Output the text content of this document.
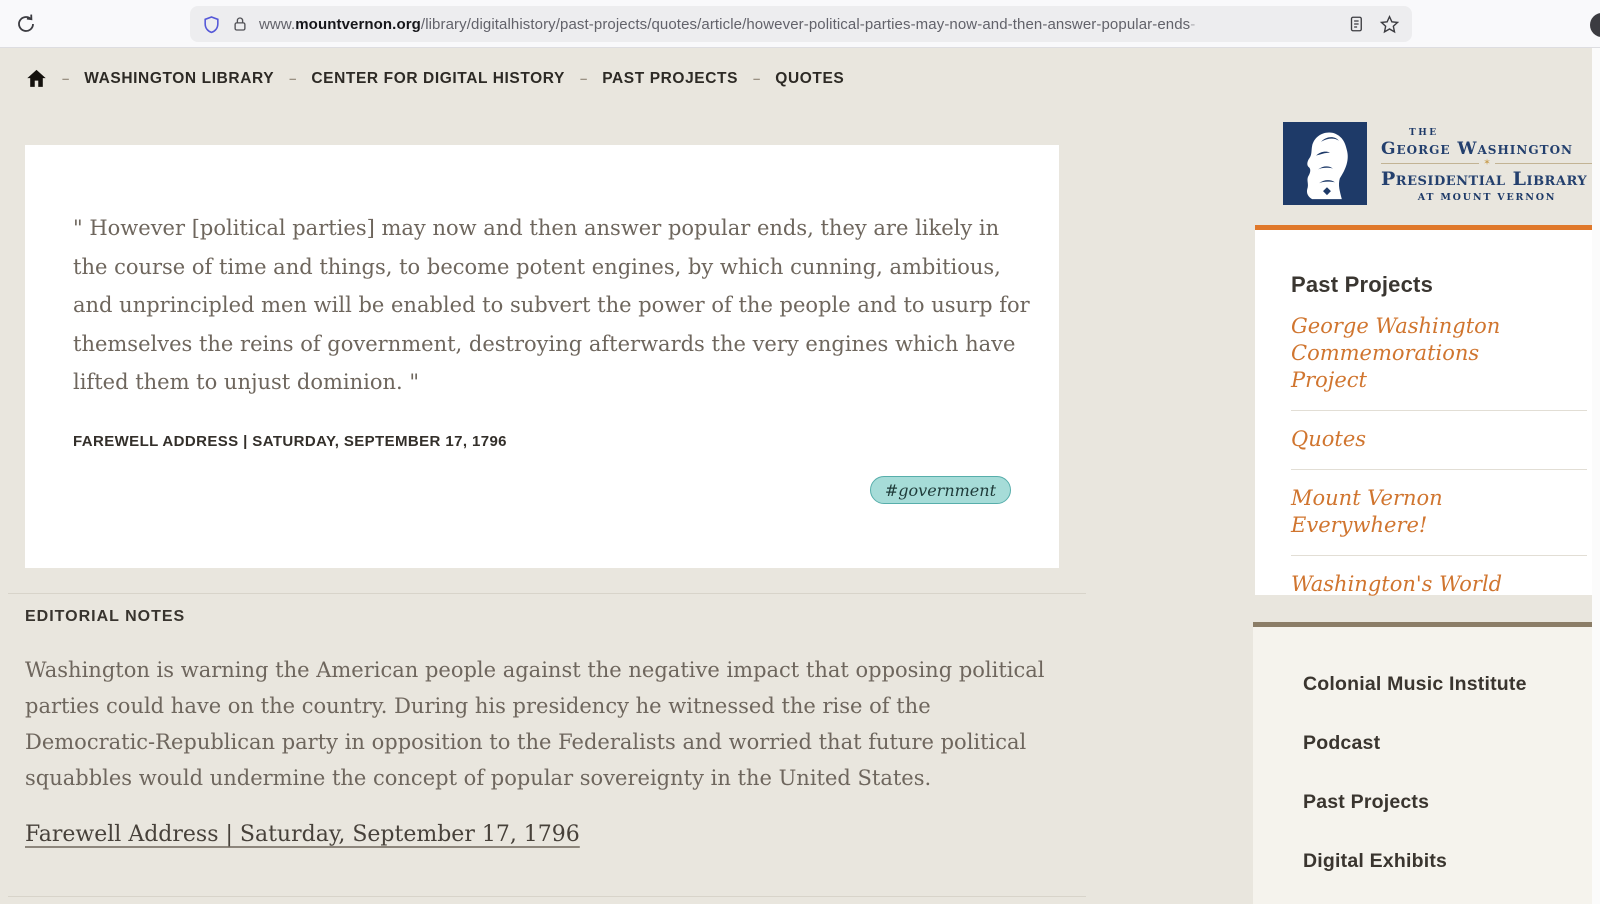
www.mountvernon.org/library/digitalhistory/past-projects/quotes/article/however-political-parties-may-now-and-then-answer-popular-ends-
– WASHINGTON LIBRARY – CENTER FOR DIGITAL HISTORY – PAST PROJECTS – QUOTES

" However [political parties] may now and then answer popular ends, they are likely in the course of time and things, to become potent engines, by which cunning, ambitious, and unprincipled men will be enabled to subvert the power of the people and to usurp for themselves the reins of government, destroying afterwards the very engines which have lifted them to unjust dominion. "

FAREWELL ADDRESS | SATURDAY, SEPTEMBER 17, 1796
#government
EDITORIAL NOTES

Washington is warning the American people against the negative impact that opposing political parties could have on the country. During his presidency he witnessed the rise of the Democratic-Republican party in opposition to the Federalists and worried that future political squabbles would undermine the concept of popular sovereignty in the United States.

Farewell Address | Saturday, September 17, 1796
THE
George Washington
✶
Presidential Library
AT MOUNT VERNON
Past Projects
George Washington Commemorations Project
Quotes
Mount Vernon Everywhere!
Washington's World
Colonial Music Institute
Podcast
Past Projects
Digital Exhibits
